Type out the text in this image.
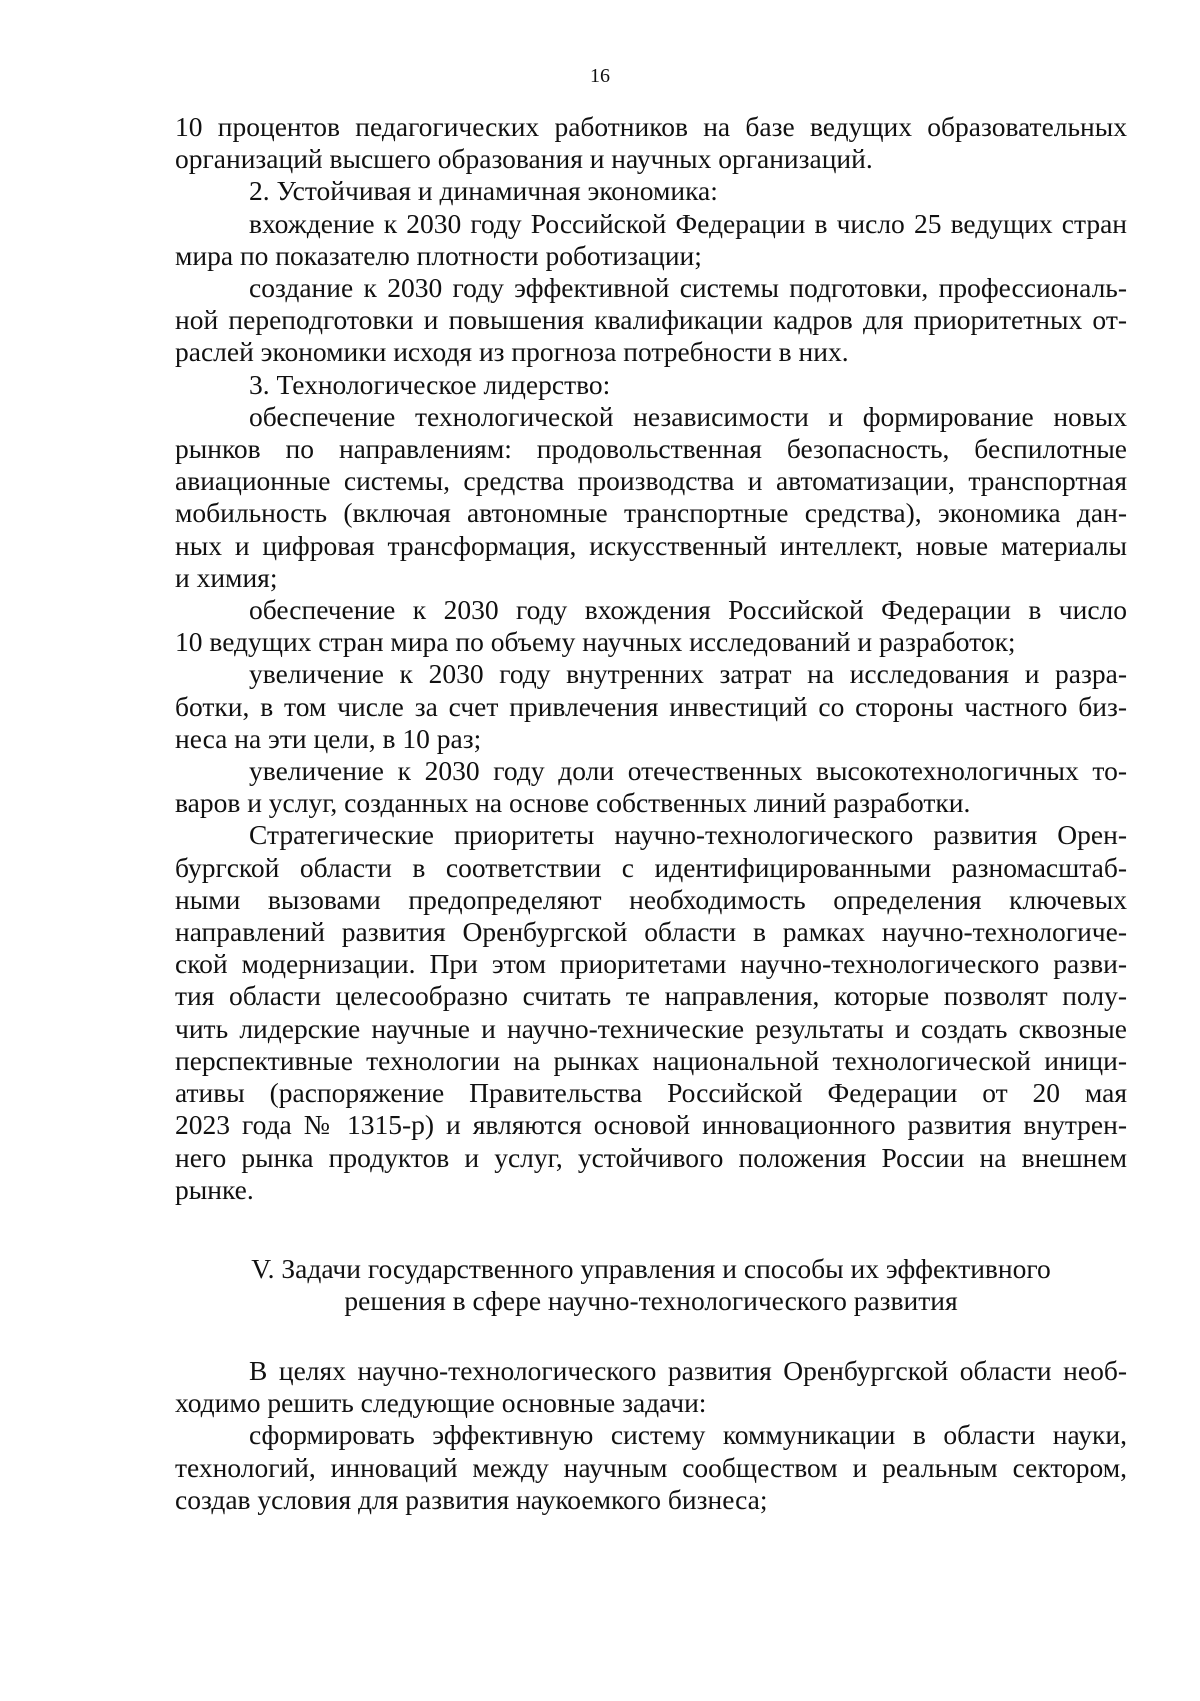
16
10 процентов педагогических работников на базе ведущих образовательных
организаций высшего образования и научных организаций.
2. Устойчивая и динамичная экономика:
вхождение к 2030 году Российской Федерации в число 25 ведущих стран
мира по показателю плотности роботизации;
создание к 2030 году эффективной системы подготовки, профессиональ-
ной переподготовки и повышения квалификации кадров для приоритетных от-
раслей экономики исходя из прогноза потребности в них.
3. Технологическое лидерство:
обеспечение технологической независимости и формирование новых
рынков по направлениям: продовольственная безопасность, беспилотные
авиационные системы, средства производства и автоматизации, транспортная
мобильность (включая автономные транспортные средства), экономика дан-
ных и цифровая трансформация, искусственный интеллект, новые материалы
и химия;
обеспечение к 2030 году вхождения Российской Федерации в число
10 ведущих стран мира по объему научных исследований и разработок;
увеличение к 2030 году внутренних затрат на исследования и разра-
ботки, в том числе за счет привлечения инвестиций со стороны частного биз-
неса на эти цели, в 10 раз;
увеличение к 2030 году доли отечественных высокотехнологичных то-
варов и услуг, созданных на основе собственных линий разработки.
Стратегические приоритеты научно-технологического развития Орен-
бургской области в соответствии с идентифицированными разномасштаб-
ными вызовами предопределяют необходимость определения ключевых
направлений развития Оренбургской области в рамках научно-технологиче-
ской модернизации. При этом приоритетами научно-технологического разви-
тия области целесообразно считать те направления, которые позволят полу-
чить лидерские научные и научно-технические результаты и создать сквозные
перспективные технологии на рынках национальной технологической иници-
ативы (распоряжение Правительства Российской Федерации от 20 мая
2023 года № 1315-р) и являются основой инновационного развития внутрен-
него рынка продуктов и услуг, устойчивого положения России на внешнем
рынке.
V. Задачи государственного управления и способы их эффективного
решения в сфере научно-технологического развития
В целях научно-технологического развития Оренбургской области необ-
ходимо решить следующие основные задачи:
сформировать эффективную систему коммуникации в области науки,
технологий, инноваций между научным сообществом и реальным сектором,
создав условия для развития наукоемкого бизнеса;
